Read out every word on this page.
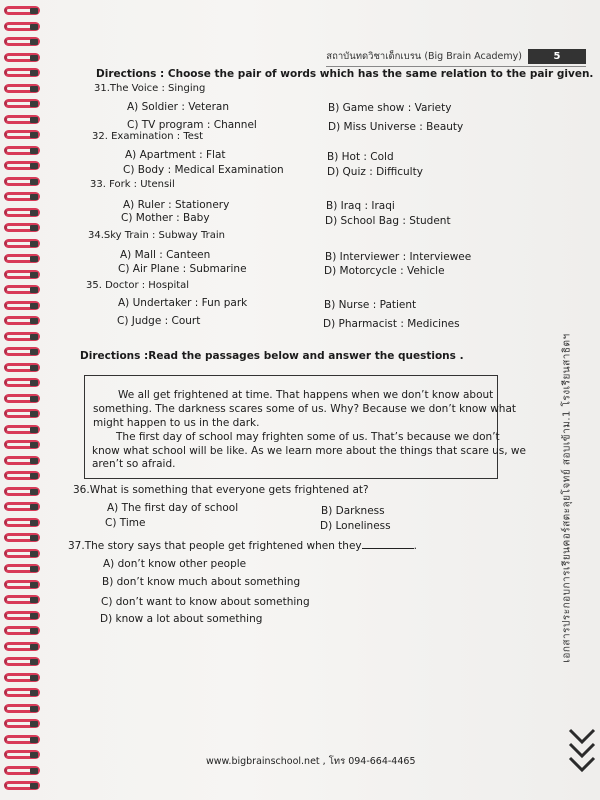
สถาบันทดวิชาเด็กเบรน (Big Brain Academy)	5
Directions : Choose the pair of words which has the same relation to the pair given.
31.The Voice : Singing
A) Soldier : Veteran	B) Game show : Variety
C) TV program : Channel	D) Miss Universe : Beauty
32. Examination : Test
A) Apartment : Flat	B) Hot : Cold
C) Body : Medical Examination	D) Quiz : Difficulty
33. Fork : Utensil
A) Ruler : Stationery	B) Iraq : Iraqi
C) Mother : Baby	D) School Bag : Student
34.Sky Train : Subway Train
A) Mall : Canteen	B) Interviewer : Interviewee
C) Air Plane : Submarine	D) Motorcycle : Vehicle
35. Doctor : Hospital
A) Undertaker : Fun park	B) Nurse : Patient
C) Judge : Court	D) Pharmacist : Medicines
Directions :Read the passages below and answer the questions .
We all get frightened at time. That happens when we don’t know about
something. The darkness scares some of us. Why? Because we don’t know what
might happen to us in the dark.
The first day of school may frighten some of us. That’s because we don’t
know what school will be like. As we learn more about the things that scare us, we
aren’t so afraid.
36.What is something that everyone gets frightened at?
A) The first day of school	B) Darkness
C) Time	D) Loneliness
37.The story says that people get frightened when they	.
A) don’t know other people
B) don’t know much about something
C) don’t want to know about something
D) know a lot about something	เอกสารประกอบการเรียนคอร์สตะลุยโจทย์ สอบเข้าม.1 โรงเรียนสาธิตฯ
www.bigbrainschool.net , โทร 094-664-4465
